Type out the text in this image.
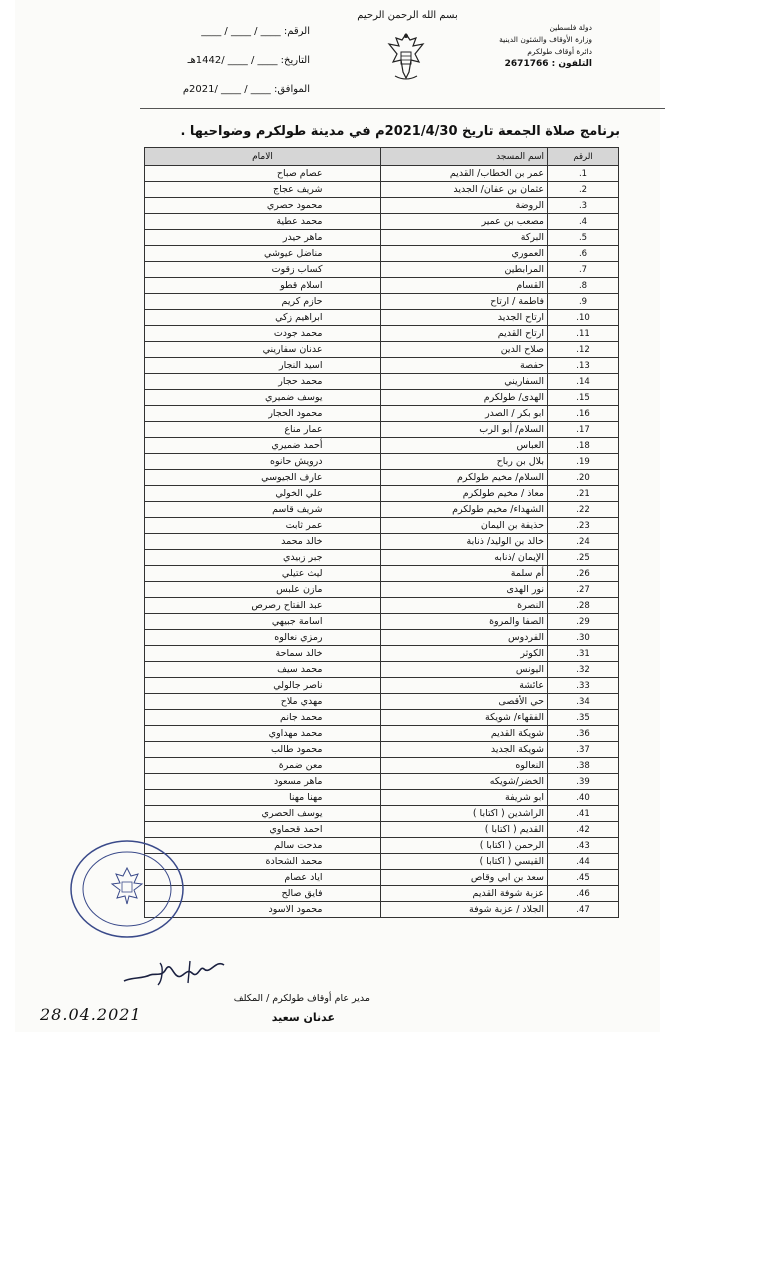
بسم الله الرحمن الرحيم
دولة فلسطين
وزارة الأوقاف والشئون الدينية
دائرة أوقاف طولكرم
التلفون : 2671766
الرقم: ____ / ____ / ____
التاريخ: ____ / ____ /1442هـ
الموافق: ____ / ____ /2021م
برنامج صلاة الجمعة تاريخ 2021/4/30م في مدينة طولكرم وضواحيها .
الرقم	اسم المسجد	الامام
1.	عمر بن الخطاب/ القديم	عصام صباح
2.	عثمان بن عفان/ الجديد	شريف عجاج
3.	الروضة	محمود حصري
4.	مصعب بن عمير	محمد عطية
5.	البركة	ماهر حيدر
6.	العموري	مناضل عيوشي
7.	المرابطين	كساب زقوت
8.	القسام	اسلام قطو
9.	فاطمة / ارتاح	حازم كريم
10.	ارتاح الجديد	ابراهيم زكي
11.	ارتاح القديم	محمد جودت
12.	صلاح الدين	عدنان سفاريني
13.	حفصة	اسيد النجار
14.	السفاريني	محمد حجار
15.	الهدى/ طولكرم	يوسف ضميري
16.	ابو بكر / الصدر	محمود الحجار
17.	السلام/ أبو الرب	عمار مناع
18.	العباس	أحمد ضميري
19.	بلال بن رباح	درويش حانوه
20.	السلام/ مخيم طولكرم	عارف الجيوسي
21.	معاذ / مخيم طولكرم	علي الخولي
22.	الشهداء/ مخيم طولكرم	شريف قاسم
23.	حذيفة بن اليمان	عمر ثابت
24.	خالد بن الوليد/ ذنابة	خالد محمد
25.	الإيمان /ذنابه	جبر زبيدي
26.	أم سلمة	ليث عتيلي
27.	نور الهدى	مازن علبس
28.	النصرة	عبد الفتاح رصرص
29.	الصفا والمروة	اسامة جبيهي
30.	الفردوس	رمزي نعالوه
31.	الكوثر	خالد سماحة
32.	اليونس	محمد سيف
33.	عائشة	ناصر جالولي
34.	حي الأقصى	مهدي ملاح
35.	الفقهاء/ شويكة	محمد جانم
36.	شويكة القديم	محمد مهداوي
37.	شويكة الجديد	محمود طالب
38.	النعالوه	معن ضمرة
39.	الخضر/شويكه	ماهر مسعود
40.	ابو شريفة	مهنا مهنا
41.	الراشدين ( اكتابا )	يوسف الحصري
42.	القديم ( اكتابا )	احمد قحماوي
43.	الرحمن ( اكتابا )	مدحت سالم
44.	القيسي ( اكتابا )	محمد الشحادة
45.	سعد بن ابي وقاص	اياد عصام
46.	عزبة شوفة القديم	فايق صالح
47.	الجلاد / عزبة شوفة	محمود الاسود
28.04.2021
مدير عام أوقاف طولكرم / المكلف
عدنان سعيد
